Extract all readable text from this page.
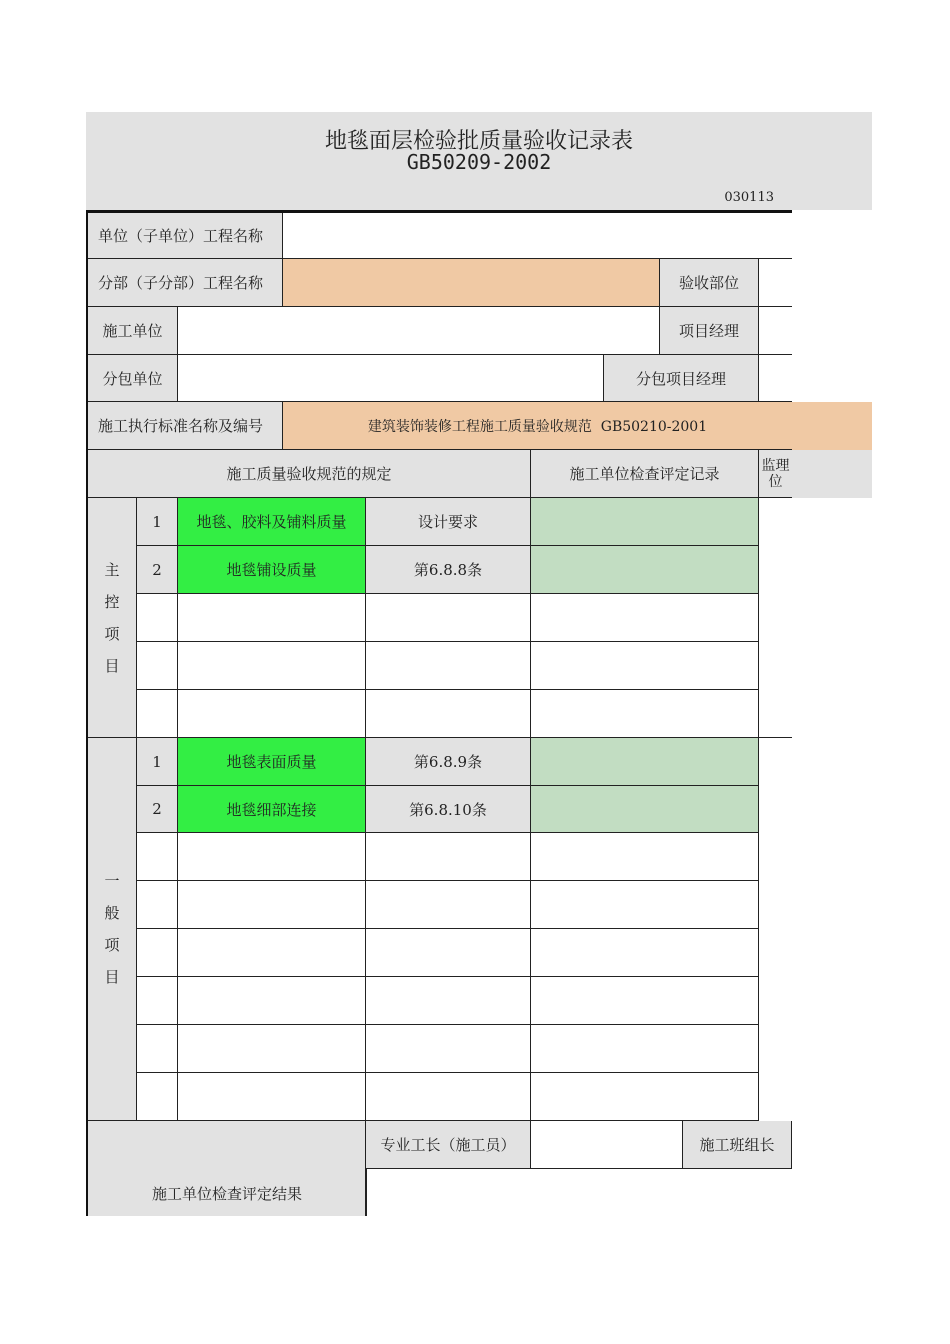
地毯面层检验批质量验收记录表
GB50209-2002
030113
单位（子单位）工程名称
分部（子分部）工程名称	验收部位
施工单位	项目经理
分包单位	分包项目经理
施工执行标准名称及编号	建筑装饰装修工程施工质量验收规范  GB50210-2001
施工质量验收规范的规定	施工单位检查评定记录	监理
位
主
控
项
目
1	地毯、胶料及铺料质量	设计要求
2	地毯铺设质量	第6.8.8条
一
般
项
目
1	地毯表面质量	第6.8.9条
2	地毯细部连接	第6.8.10条
施工单位检查评定结果
专业工长（施工员）	施工班组长
